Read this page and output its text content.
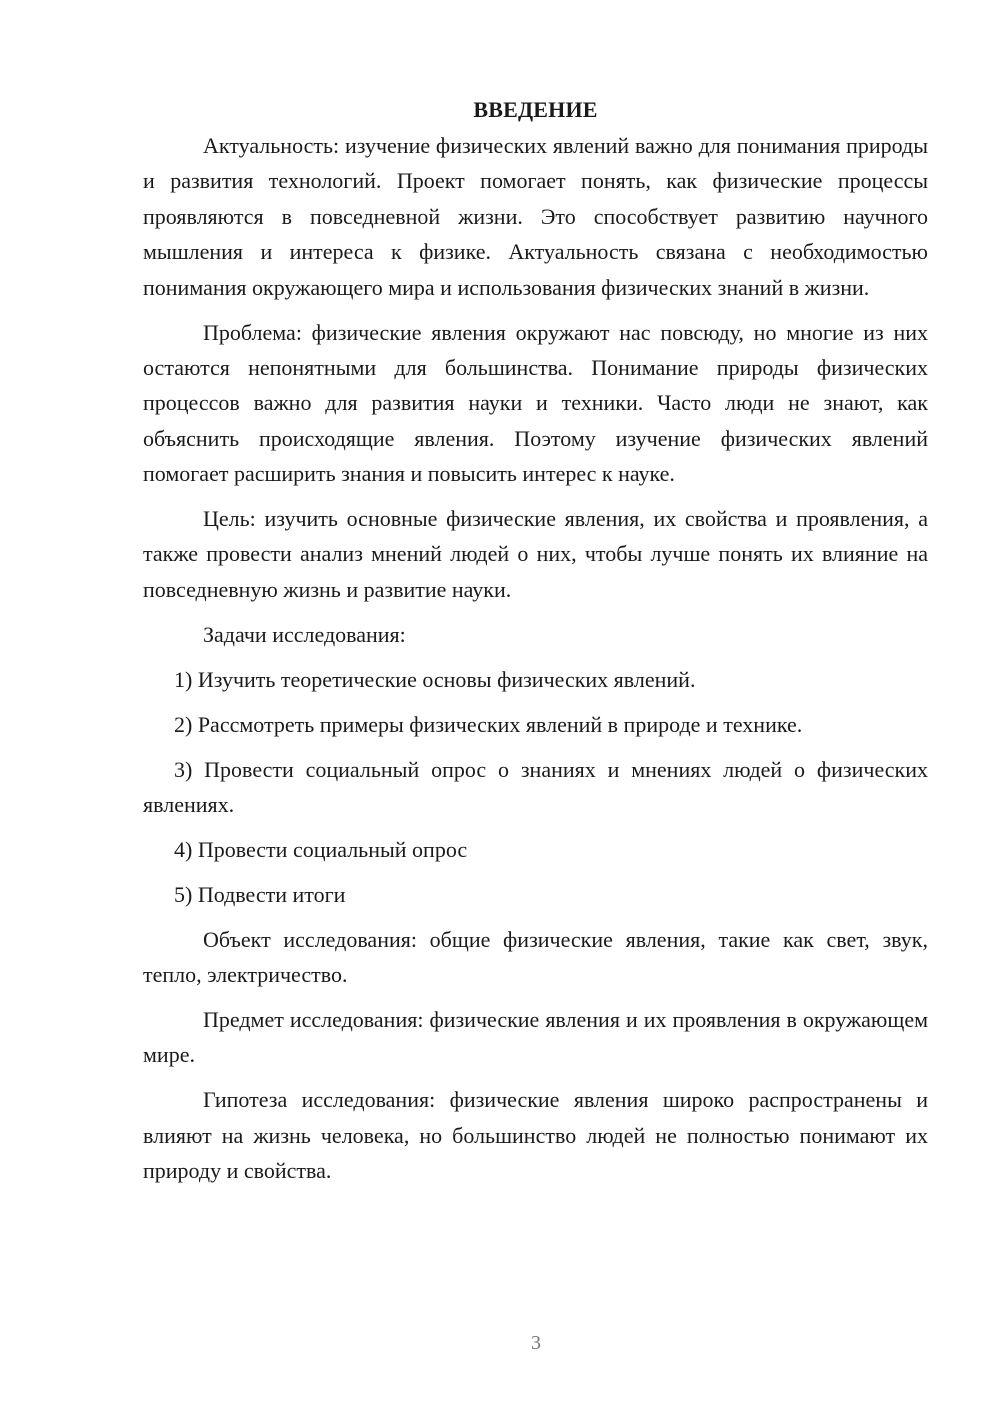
ВВЕДЕНИЕ

Актуальность: изучение физических явлений важно для понимания природы и развития технологий. Проект помогает понять, как физические процессы проявляются в повседневной жизни. Это способствует развитию научного мышления и интереса к физике. Актуальность связана с необходимостью понимания окружающего мира и использования физических знаний в жизни.

Проблема: физические явления окружают нас повсюду, но многие из них остаются непонятными для большинства. Понимание природы физических процессов важно для развития науки и техники. Часто люди не знают, как объяснить происходящие явления. Поэтому изучение физических явлений помогает расширить знания и повысить интерес к науке.

Цель: изучить основные физические явления, их свойства и проявления, а также провести анализ мнений людей о них, чтобы лучше понять их влияние на повседневную жизнь и развитие науки.

Задачи исследования:

1) Изучить теоретические основы физических явлений.

2) Рассмотреть примеры физических явлений в природе и технике.

3) Провести социальный опрос о знаниях и мнениях людей о физических явлениях.

4) Провести социальный опрос

5) Подвести итоги

Объект исследования: общие физические явления, такие как свет, звук, тепло, электричество.

Предмет исследования: физические явления и их проявления в окружающем мире.

Гипотеза исследования: физические явления широко распространены и влияют на жизнь человека, но большинство людей не полностью понимают их природу и свойства.

3
